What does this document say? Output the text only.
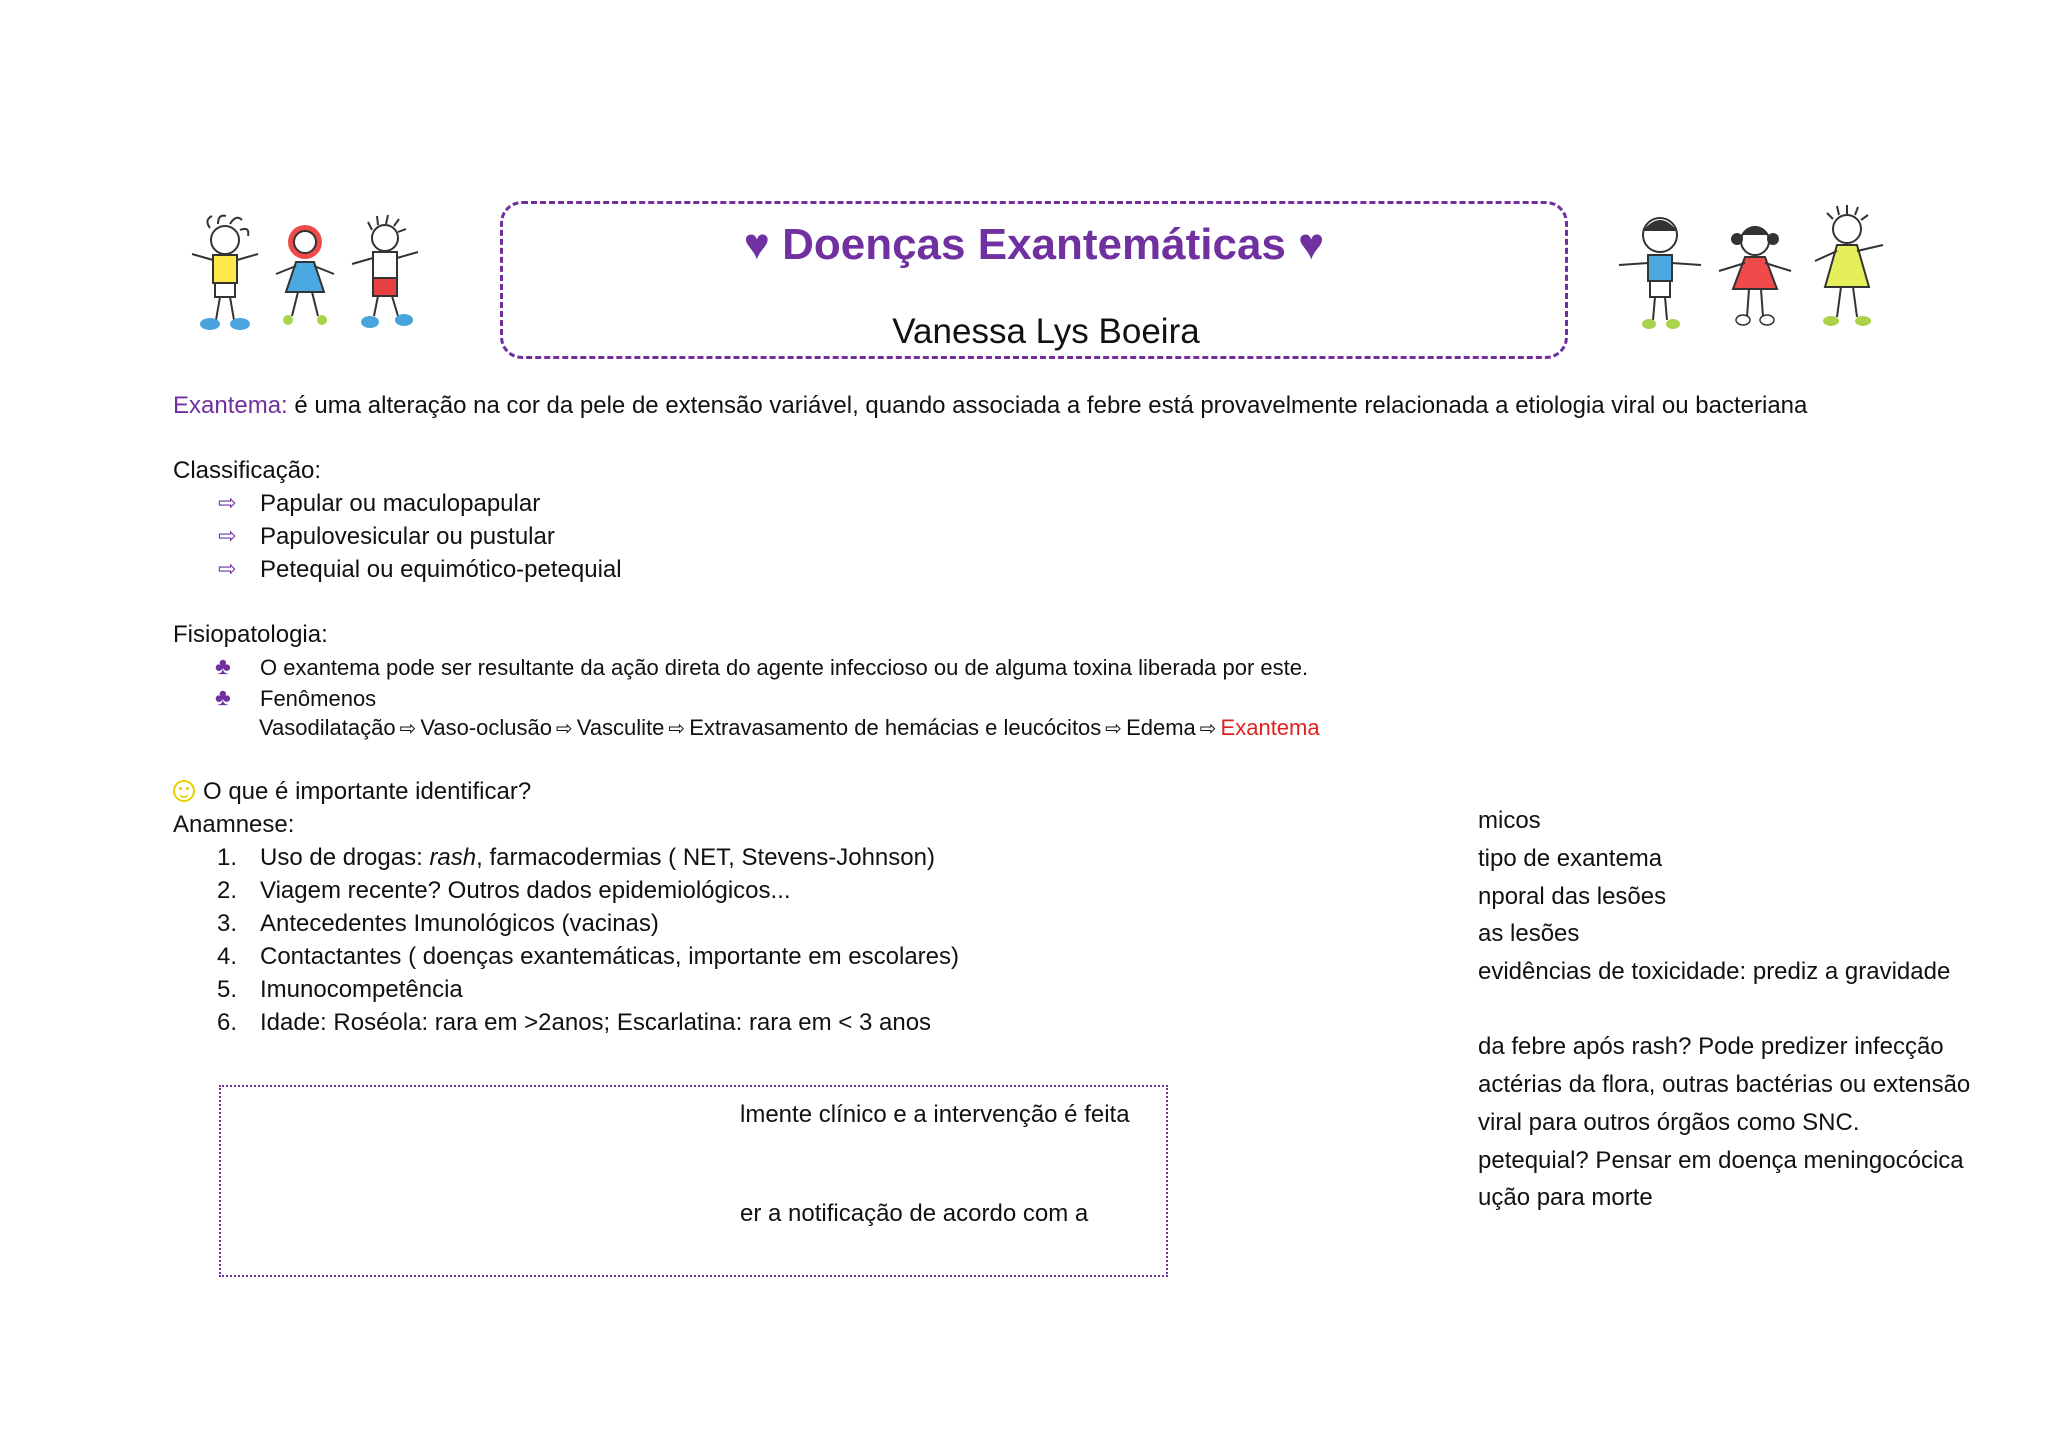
♥ Doenças Exantemáticas ♥
Vanessa Lys Boeira
Exantema: é uma alteração na cor da pele de extensão variável, quando associada a febre está provavelmente relacionada a etiologia viral ou bacteriana
Classificação:
⇨ Papular ou maculopapular
⇨ Papulovesicular ou pustular
⇨ Petequial ou equimótico-petequial
Fisiopatologia:
♣ O exantema pode ser resultante da ação direta do agente infeccioso ou de alguma toxina liberada por este.
♣ Fenômenos
Vasodilatação ⇨ Vaso-oclusão ⇨ Vasculite ⇨ Extravasamento de hemácias e leucócitos ⇨ Edema ⇨ Exantema
O que é importante identificar?
Anamnese:
1. Uso de drogas: rash, farmacodermias ( NET, Stevens-Johnson)
2. Viagem recente? Outros dados epidemiológicos...
3. Antecedentes Imunológicos (vacinas)
4. Contactantes ( doenças exantemáticas, importante em escolares)
5. Imunocompetência
6. Idade: Roséola: rara em >2anos; Escarlatina: rara em < 3 anos
lmente clínico e a intervenção é feita
er a notificação de acordo com a
micos
tipo de exantema
nporal das lesões
as lesões
evidências de toxicidade: prediz a gravidade
da febre após rash? Pode predizer infecção
actérias da flora, outras bactérias ou extensão
viral para outros órgãos como SNC.
petequial? Pensar em doença meningocócica
ução para morte
